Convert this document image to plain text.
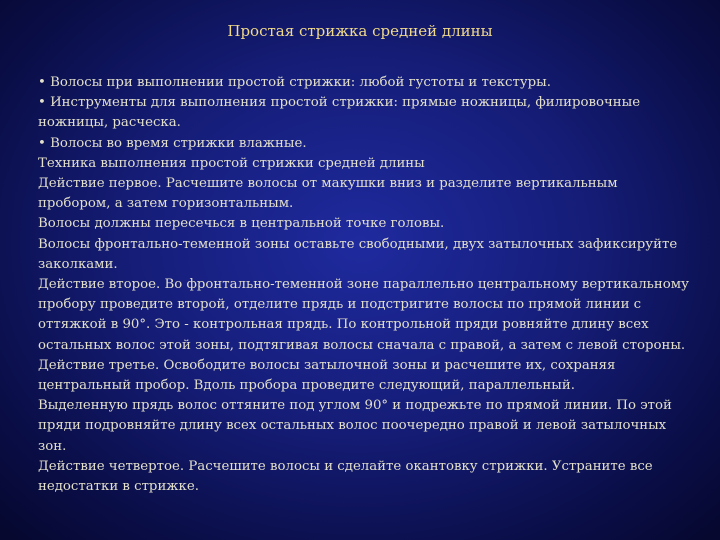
Простая стрижка средней длины

• Волосы при выполнении простой стрижки: любой густоты и текстуры.

• Инструменты для выполнения простой стрижки: прямые ножницы, филировочные ножницы, расческа.

• Волосы во время стрижки влажные.

Техника выполнения простой стрижки средней длины

Действие первое. Расчешите волосы от макушки вниз и разделите вертикальным пробором, а затем горизонтальным.

Волосы должны пересечься в центральной точке головы.

Волосы фронтально-теменной зоны оставьте свободными, двух затылочных зафиксируйте заколками.

Действие второе. Во фронтально-теменной зоне параллельно центральному вертикальному пробору проведите второй, отделите прядь и подстригите волосы по прямой линии с оттяжкой в 90°. Это - контрольная прядь. По контрольной пряди ровняйте длину всех остальных волос этой зоны, подтягивая волосы сначала с правой, а затем с левой стороны.

Действие третье. Освободите волосы затылочной зоны и расчешите их, сохраняя центральный пробор. Вдоль пробора проведите следующий, параллельный.

Выделенную прядь волос оттяните под углом 90° и подрежьте по прямой линии. По этой пряди подровняйте длину всех остальных волос поочередно правой и левой затылочных зон.

Действие четвертое. Расчешите волосы и сделайте окантовку стрижки. Устраните все недостатки в стрижке.
